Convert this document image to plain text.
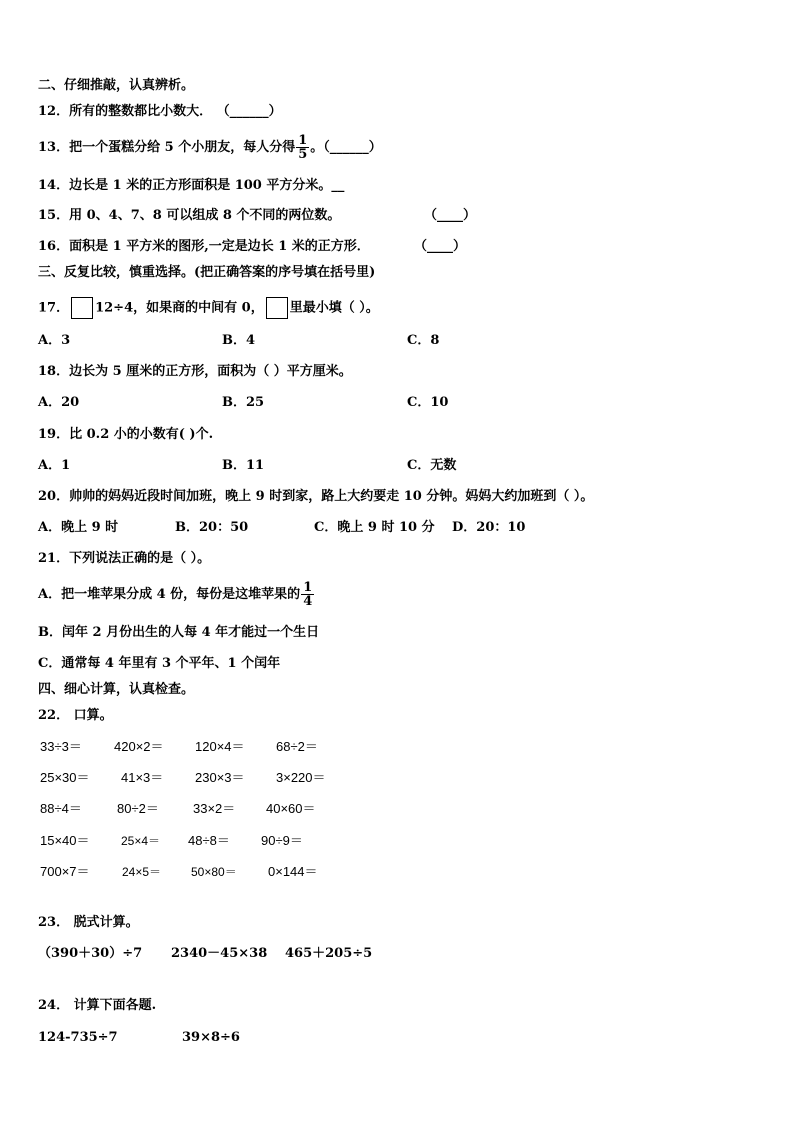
二、仔细推敲，认真辨析。
12．所有的整数都比小数大． （______）
13．把一个蛋糕分给 5 个小朋友，每人分得 $\frac{1}{5}$ 。（______）
14．边长是 1 米的正方形面积是 100 平方分米。__
15．用 0、4、7、8 可以组成 8 个不同的两位数。	（____）
16．面积是 1 平方米的图形,一定是边长 1 米的正方形．	（____）
三、反复比较，慎重选择。(把正确答案的序号填在括号里)
17． 12÷4，如果商的中间有 0， 里最小填（ ）。
A．3	B．4	C．8
18．边长为 5 厘米的正方形，面积为（ ）平方厘米。
A．20	B．25	C．10
19．比 0.2 小的小数有( )个.
A．1	B．11	C．无数
20．帅帅的妈妈近段时间加班，晚上 9 时到家，路上大约要走 10 分钟。妈妈大约加班到（ ）。
A．晚上 9 时	B．20：50	C．晚上 9 时 10 分 D．20：10
21．下列说法正确的是（ ）。
A．把一堆苹果分成 4 份，每份是这堆苹果的 $\frac{1}{4}$
B．闰年 2 月份出生的人每 4 年才能过一个生日
C．通常每 4 年里有 3 个平年、1 个闰年
四、细心计算，认真检查。
22． 口算。
33÷3＝ 420×2＝ 120×4＝ 68÷2＝
25×30＝ 41×3＝ 230×3＝ 3×220＝
88÷4＝	80÷2＝	33×2＝ 40×60＝
15×40＝	25×4＝ 48÷8＝ 90÷9＝
700×7＝	24×5＝ 50×80＝ 0×144＝
23． 脱式计算。
（390＋30）÷7 2340－45×38 465＋205÷5
24． 计算下面各题.
124-735÷7	39×8÷6
